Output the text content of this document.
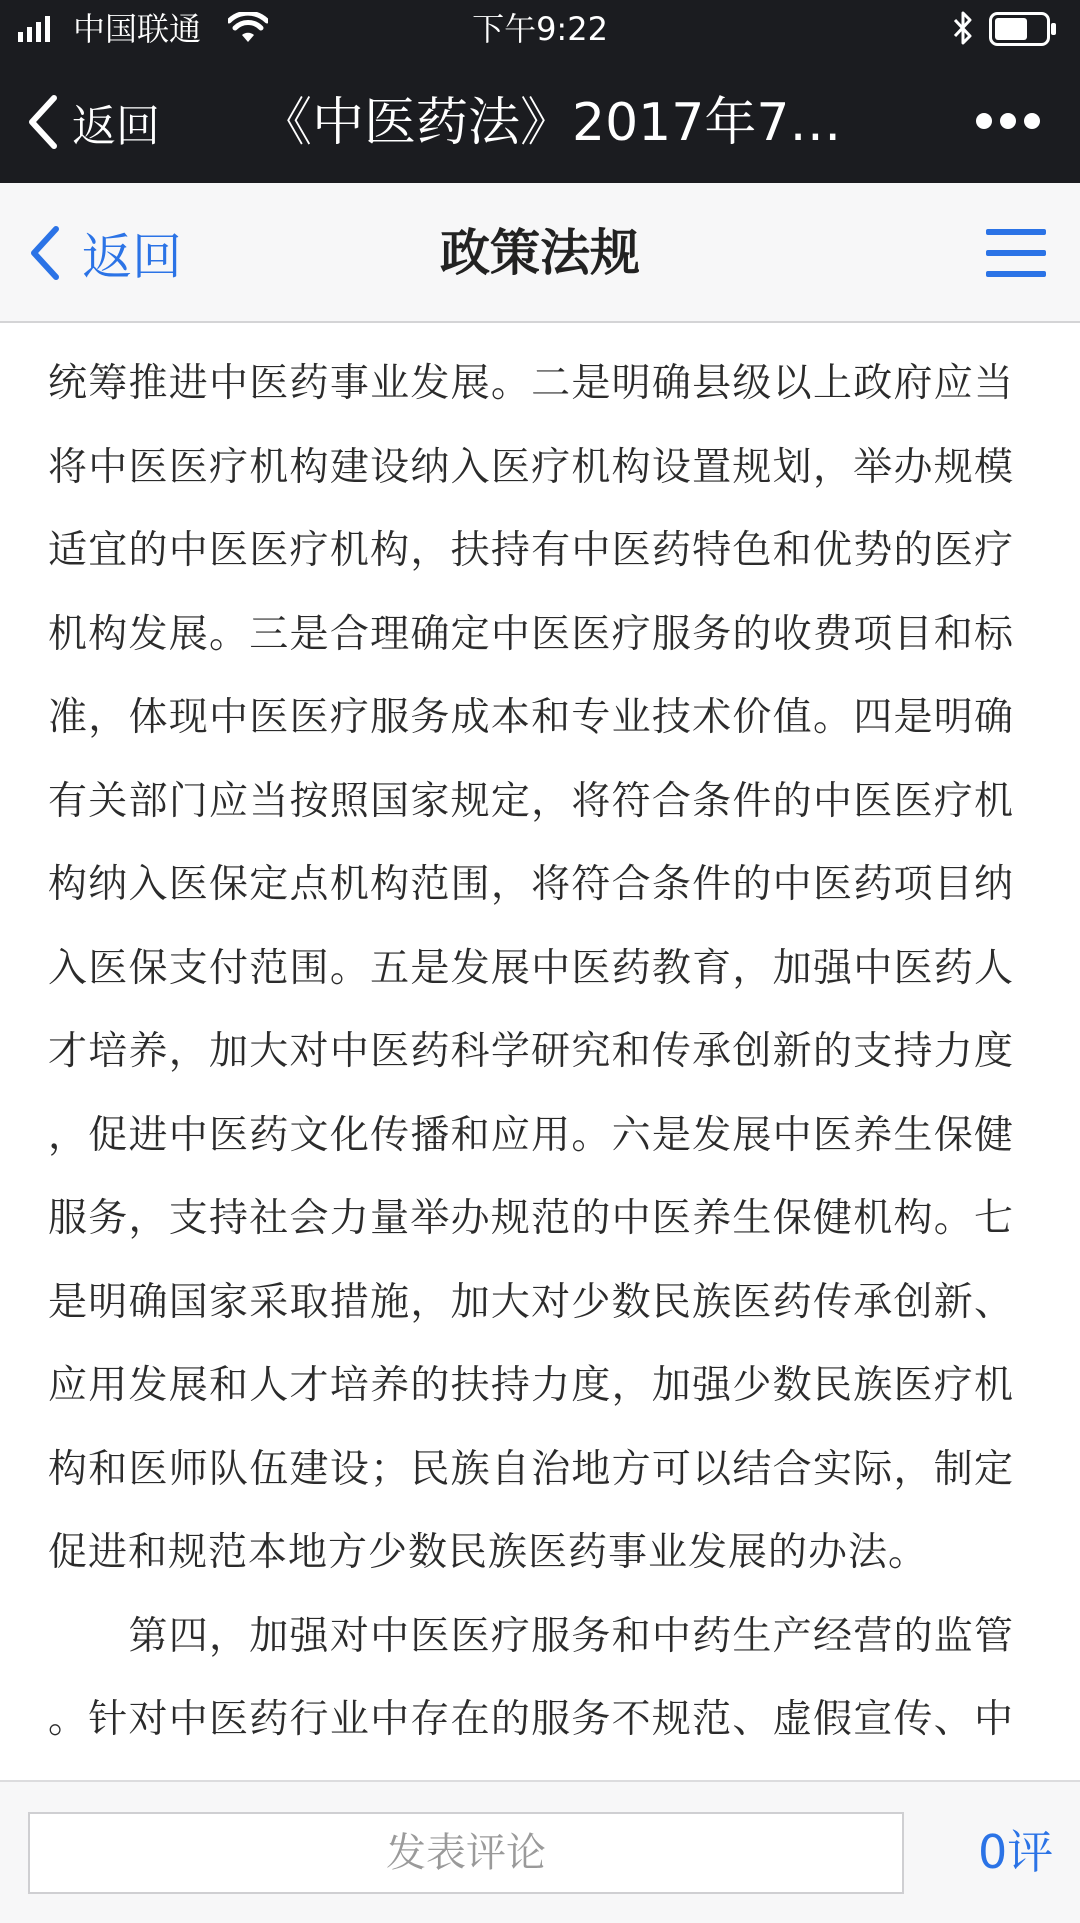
中国联通	下午9:22
返回 《中医药法》2017年7…
返回	政策法规
统筹推进中医药事业发展。二是明确县级以上政府应当
将中医医疗机构建设纳入医疗机构设置规划，举办规模
适宜的中医医疗机构，扶持有中医药特色和优势的医疗
机构发展。三是合理确定中医医疗服务的收费项目和标
准，体现中医医疗服务成本和专业技术价值。四是明确
有关部门应当按照国家规定，将符合条件的中医医疗机
构纳入医保定点机构范围，将符合条件的中医药项目纳
入医保支付范围。五是发展中医药教育，加强中医药人
才培养，加大对中医药科学研究和传承创新的支持力度
，促进中医药文化传播和应用。六是发展中医养生保健
服务，支持社会力量举办规范的中医养生保健机构。七
是明确国家采取措施，加大对少数民族医药传承创新、
应用发展和人才培养的扶持力度，加强少数民族医疗机
构和医师队伍建设；民族自治地方可以结合实际，制定
促进和规范本地方少数民族医药事业发展的办法。
　　第四，加强对中医医疗服务和中药生产经营的监管
。针对中医药行业中存在的服务不规范、虚假宣传、中
发表评论	0评
